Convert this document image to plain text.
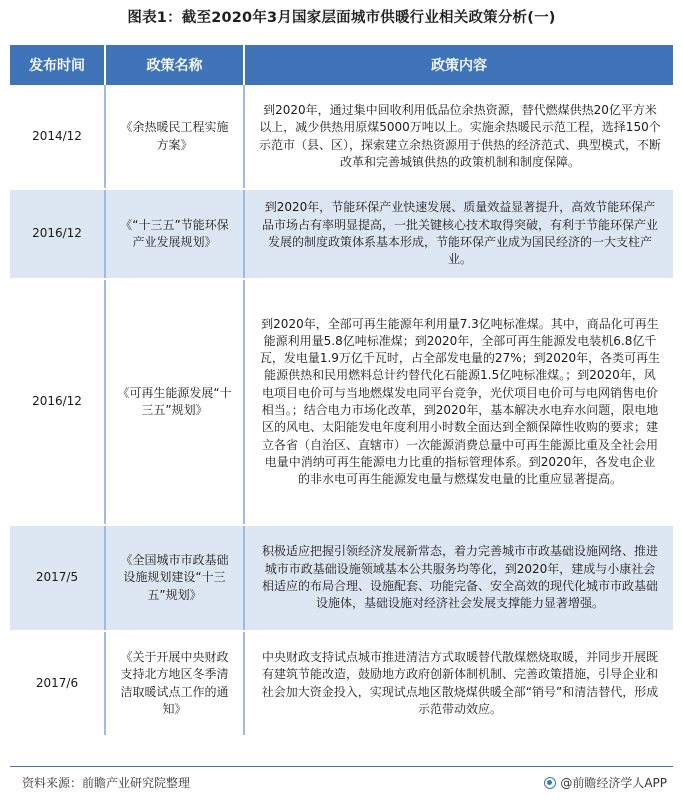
图表1：截至2020年3月国家层面城市供暖行业相关政策分析(一)
发布时间	政策名称	政策内容
2014/12	《余热暖民工程实施方案》	到2020年，通过集中回收利用低品位余热资源，替代燃煤供热20亿平方米以上，减少供热用原煤5000万吨以上。实施余热暖民示范工程，选择150个示范市（县、区），探索建立余热资源用于供热的经济范式、典型模式，不断改革和完善城镇供热的政策机制和制度保障。
2016/12	《“十三五”节能环保产业发展规划》	到2020年，节能环保产业快速发展、质量效益显著提升，高效节能环保产品市场占有率明显提高，一批关键核心技术取得突破，有利于节能环保产业发展的制度政策体系基本形成，节能环保产业成为国民经济的一大支柱产业。
2016/12	《可再生能源发展“十三五”规划》	到2020年，全部可再生能源年利用量7.3亿吨标准煤。其中，商品化可再生能源利用量5.8亿吨标准煤；到2020年，全部可再生能源发电装机6.8亿千瓦，发电量1.9万亿千瓦时，占全部发电量的27%；到2020年，各类可再生能源供热和民用燃料总计约替代化石能源1.5亿吨标准煤。；到2020年，风电项目电价可与当地燃煤发电同平台竞争，光伏项目电价可与电网销售电价相当。；结合电力市场化改革，到2020年，基本解决水电弃水问题，限电地区的风电、太阳能发电年度利用小时数全面达到全额保障性收购的要求；建立各省（自治区、直辖市）一次能源消费总量中可再生能源比重及全社会用电量中消纳可再生能源电力比重的指标管理体系。到2020年，各发电企业的非水电可再生能源发电量与燃煤发电量的比重应显著提高。
2017/5	《全国城市市政基础设施规划建设“十三五”规划》	积极适应把握引领经济发展新常态，着力完善城市市政基础设施网络、推进城市市政基础设施领域基本公共服务均等化，到2020年，建成与小康社会相适应的布局合理、设施配套、功能完备、安全高效的现代化城市市政基础设施体，基础设施对经济社会发展支撑能力显著增强。
2017/6	《关于开展中央财政支持北方地区冬季清洁取暖试点工作的通知》	中央财政支持试点城市推进清洁方式取暖替代散煤燃烧取暖，并同步开展既有建筑节能改造，鼓励地方政府创新体制机制、完善政策措施，引导企业和社会加大资金投入，实现试点地区散烧煤供暖全部“销号”和清洁替代，形成示范带动效应。
资料来源：前瞻产业研究院整理	@前瞻经济学人APP
